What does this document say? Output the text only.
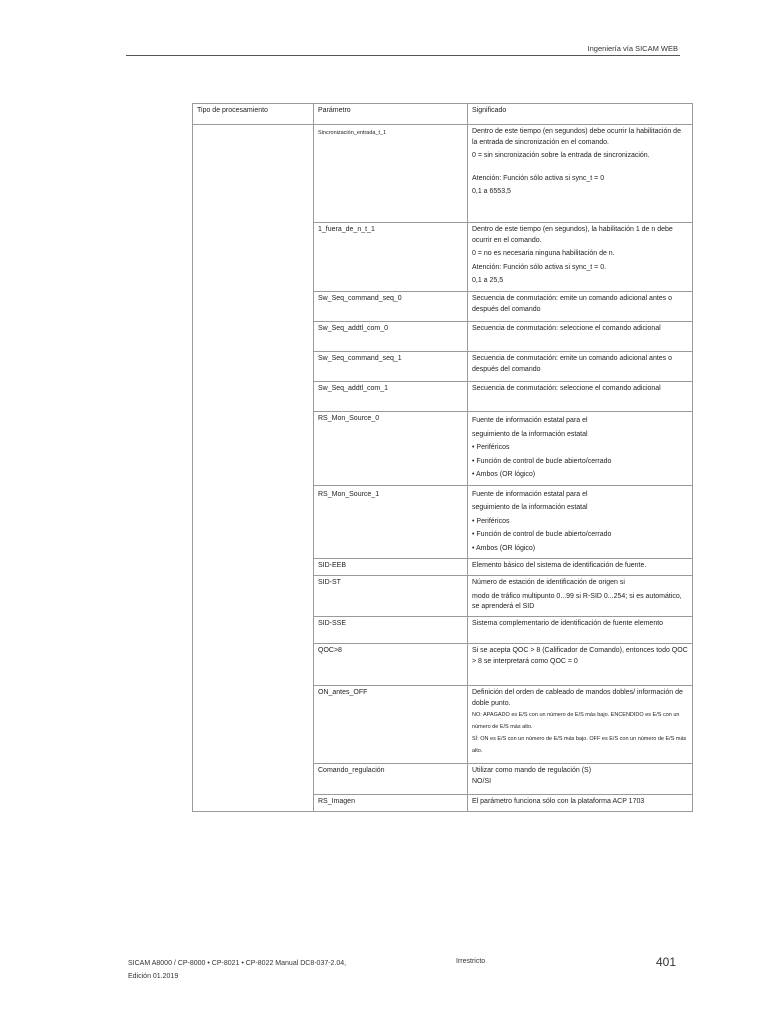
Ingeniería vía SICAM WEB
Tipo de procesamiento	Parámetro	Significado
	Sincronización_entrada_t_1	Dentro de este tiempo (en segundos) debe ocurrir la habilitación de la entrada de sincronización en el comando.

0 = sin sincronización sobre la entrada de sincronización.

Atención: Función sólo activa si sync_t = 0

0,1 a 6553,5

	1_fuera_de_n_t_1	Dentro de este tiempo (en segundos), la habilitación 1 de n debe ocurrir en el comando.

0 = no es necesaria ninguna habilitación de n.

Atención: Función sólo activa si sync_t = 0.

0,1 a 25,5

	Sw_Seq_command_seq_0	Secuencia de conmutación: emite un comando adicional antes o después del comando

	Sw_Seq_addtl_com_0	Secuencia de conmutación: seleccione el comando adicional

	Sw_Seq_command_seq_1	Secuencia de conmutación: emite un comando adicional antes o después del comando

	Sw_Seq_addtl_com_1	Secuencia de conmutación: seleccione el comando adicional

	RS_Mon_Source_0	Fuente de información estatal para el

seguimiento de la información estatal

• Periféricos

• Función de control de bucle abierto/cerrado

• Ambos (OR lógico)

	RS_Mon_Source_1	Fuente de información estatal para el

seguimiento de la información estatal

• Periféricos

• Función de control de bucle abierto/cerrado

• Ambos (OR lógico)

	SID-EEB	Elemento básico del sistema de identificación de fuente.

	SID-ST	Número de estación de identificación de origen si

modo de tráfico multipunto 0...99 si R-SID 0...254; si es automático, se aprenderá el SID

	SID-SSE	Sistema complementario de identificación de fuente elemento

	QOC>8	Si se acepta QOC > 8 (Calificador de Comando), entonces todo QOC > 8 se interpretará como QOC = 0

	ON_antes_OFF	Definición del orden de cableado de mandos dobles/ información de doble punto.

NO: APAGADO es E/S con un número de E/S más bajo. ENCENDIDO es E/S con un número de E/S más alto.

SÍ: ON es E/S con un número de E/S más bajo. OFF es E/S con un número de E/S más alto.

	Comando_regulación	Utilizar como mando de regulación (S)

NO/SI

	RS_Imagen	El parámetro funciona sólo con la plataforma ACP 1703

SICAM A8000 / CP-8000 • CP-8021 • CP-8022 Manual DC8-037-2.04,
Edición 01.2019
Irrestricto	401
